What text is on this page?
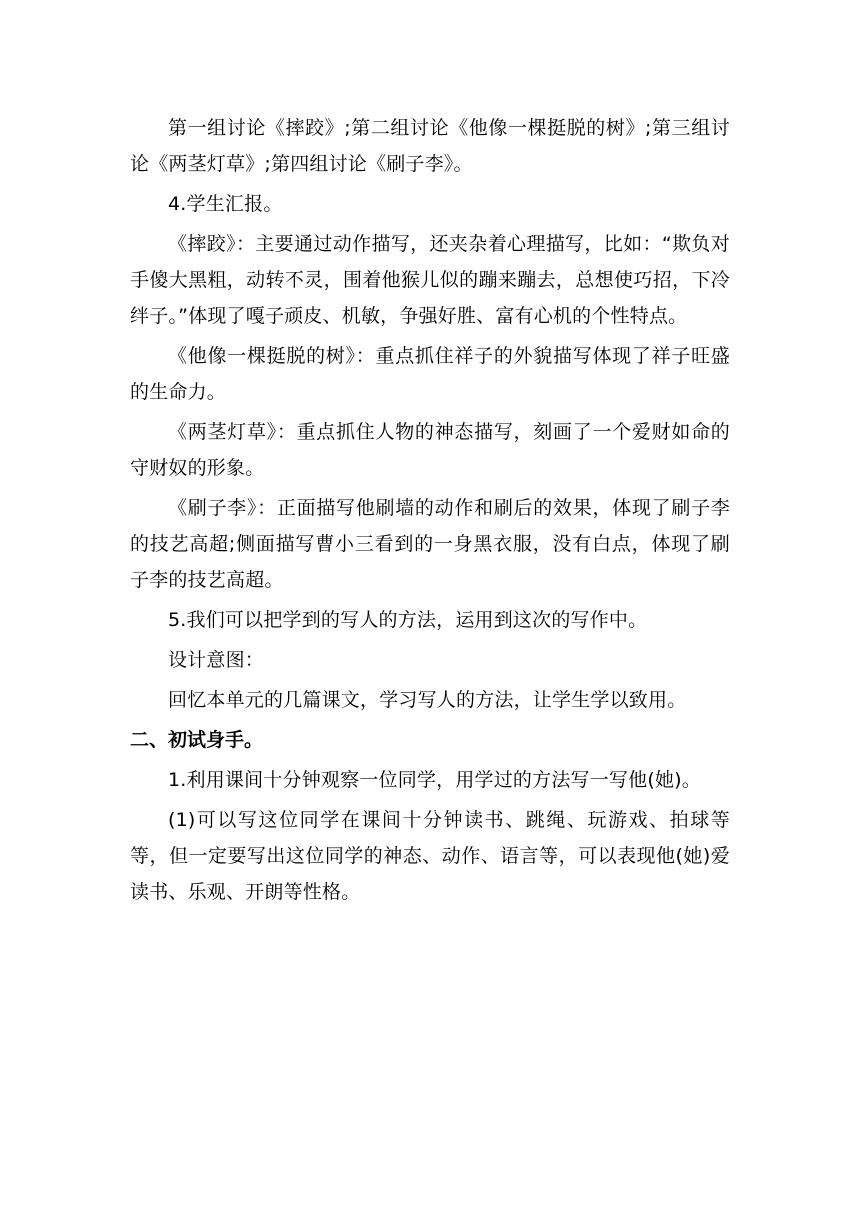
第一组讨论《摔跤》;第二组讨论《他像一棵挺脱的树》;第三组讨论《两茎灯草》;第四组讨论《刷子李》。

4.学生汇报。

《摔跤》：主要通过动作描写，还夹杂着心理描写，比如：“欺负对手傻大黑粗，动转不灵，围着他猴儿似的蹦来蹦去，总想使巧招，下冷绊子。”体现了嘎子顽皮、机敏，争强好胜、富有心机的个性特点。

《他像一棵挺脱的树》：重点抓住祥子的外貌描写体现了祥子旺盛的生命力。

《两茎灯草》：重点抓住人物的神态描写，刻画了一个爱财如命的守财奴的形象。

《刷子李》：正面描写他刷墙的动作和刷后的效果，体现了刷子李的技艺高超;侧面描写曹小三看到的一身黑衣服，没有白点，体现了刷子李的技艺高超。

5.我们可以把学到的写人的方法，运用到这次的写作中。

设计意图：

回忆本单元的几篇课文，学习写人的方法，让学生学以致用。

二、初试身手。

1.利用课间十分钟观察一位同学，用学过的方法写一写他(她)。

(1)可以写这位同学在课间十分钟读书、跳绳、玩游戏、拍球等等，但一定要写出这位同学的神态、动作、语言等，可以表现他(她)爱读书、乐观、开朗等性格。
